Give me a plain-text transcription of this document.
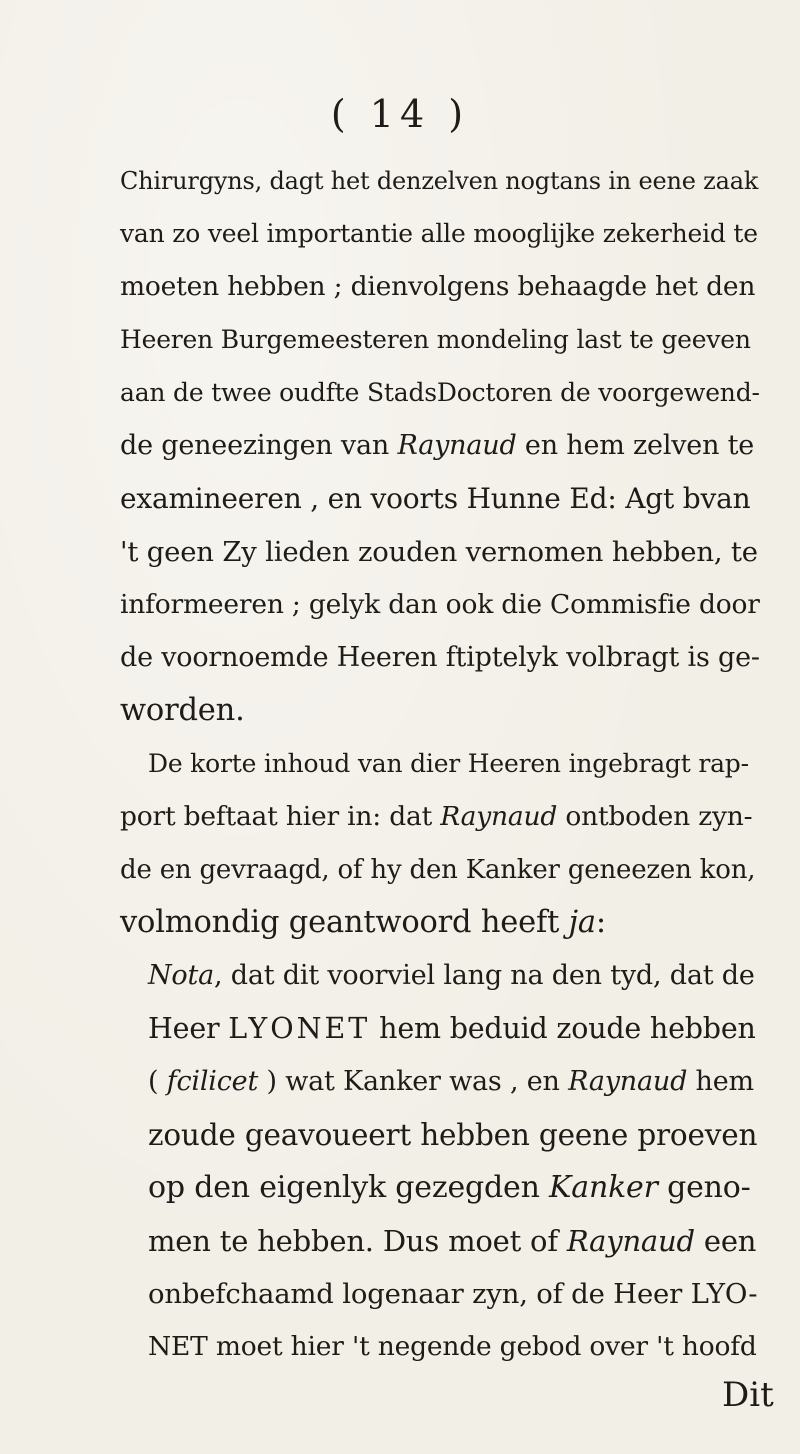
( 14 )
Chirurgyns, dagt het denzelven nogtans in eene zaak
van zo veel importantie alle mooglijke zekerheid te
moeten hebben ; dienvolgens behaagde het den
Heeren Burgemeesteren mondeling last te geeven
aan de twee oudfte StadsDoctoren de voorgewend-
de geneezingen van Raynaud en hem zelven te
examineeren , en voorts Hunne Ed: Agt bvan
't geen Zy lieden zouden vernomen hebben, te
informeeren ; gelyk dan ook die Commisfie door
de voornoemde Heeren ftiptelyk volbragt is ge-
worden.
De korte inhoud van dier Heeren ingebragt rap-
port beftaat hier in: dat Raynaud ontboden zyn-
de en gevraagd, of hy den Kanker geneezen kon,
volmondig geantwoord heeft ja:
Nota, dat dit voorviel lang na den tyd, dat de
Heer LYONET hem beduid zoude hebben
( fcilicet ) wat Kanker was , en Raynaud hem
zoude geavoueert hebben geene proeven
op den eigenlyk gezegden Kanker geno-
men te hebben. Dus moet of Raynaud een
onbefchaamd logenaar zyn, of de Heer LYO-
NET moet hier 't negende gebod over 't hoofd
Dit
